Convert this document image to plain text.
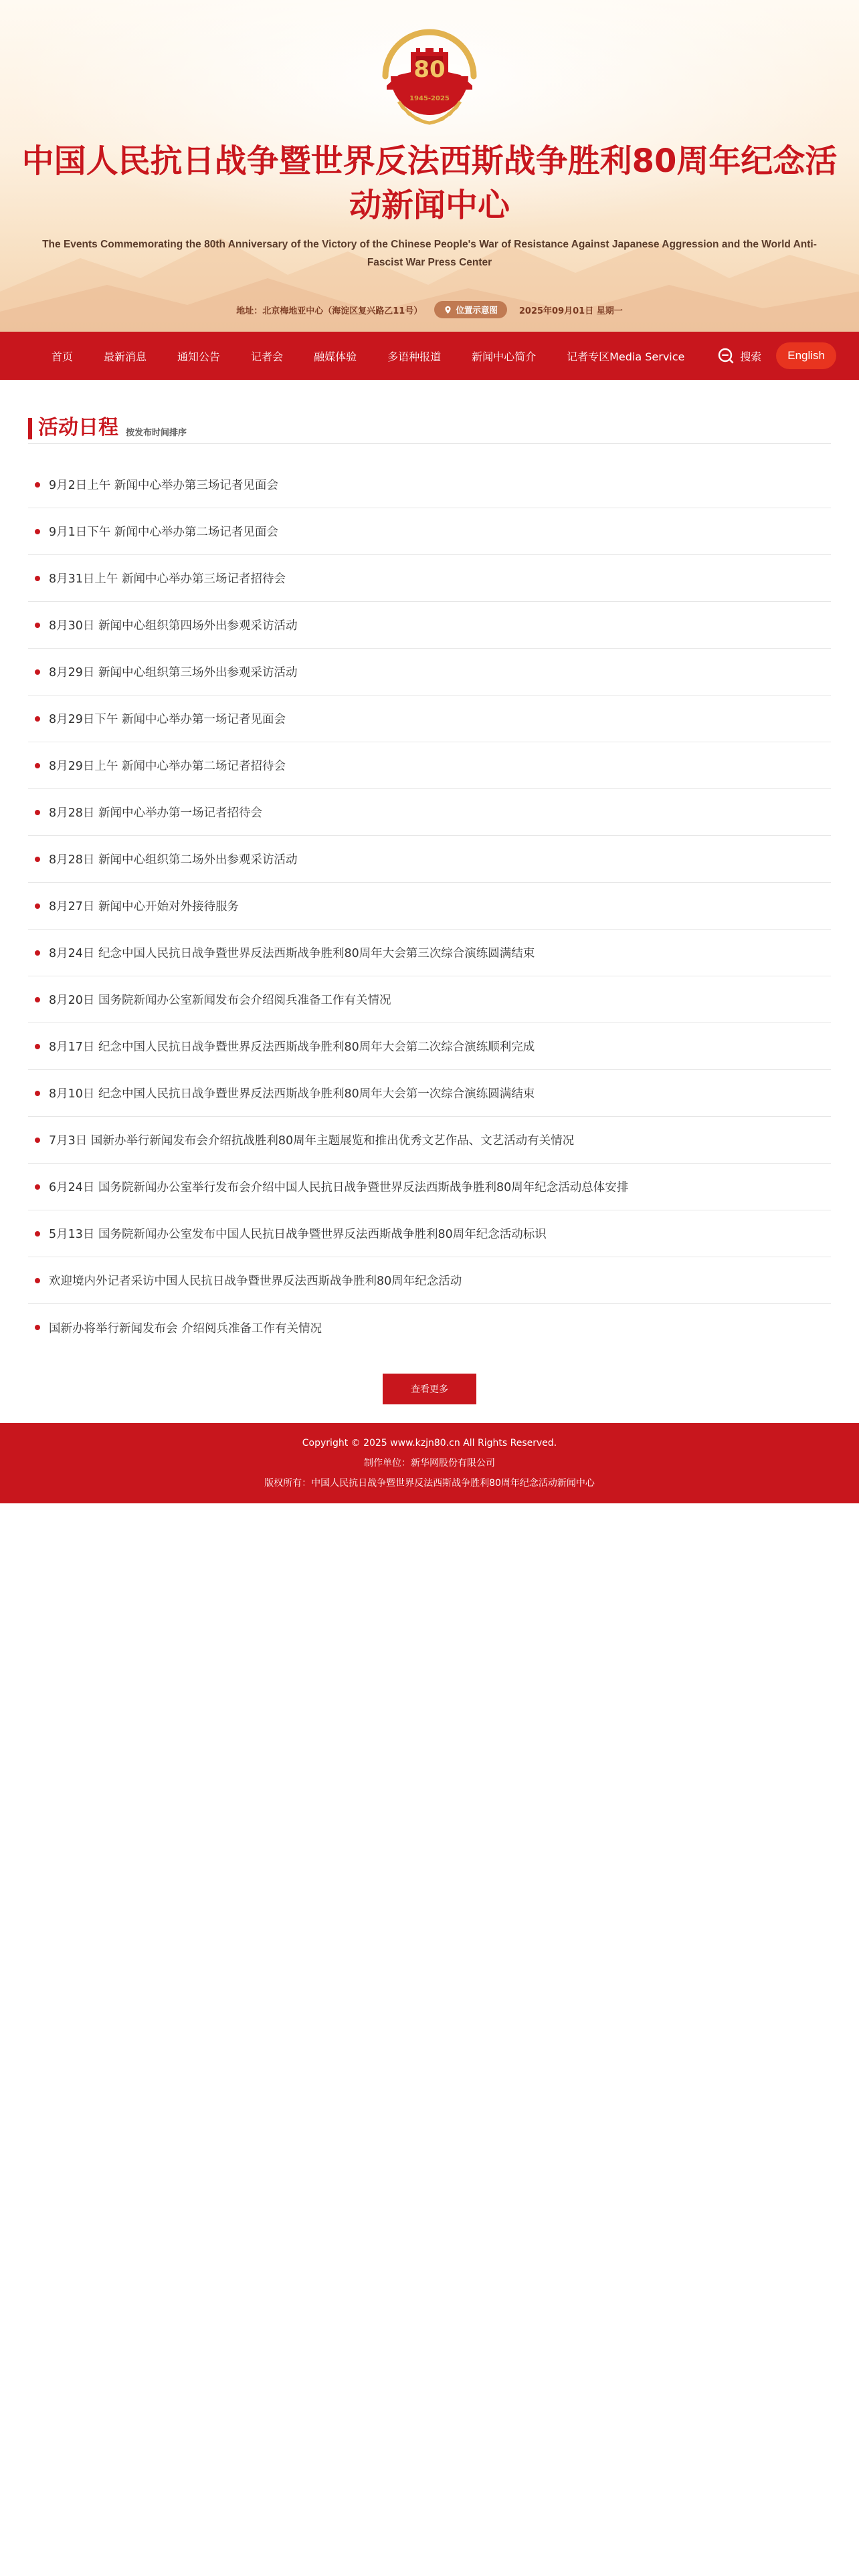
80
1945-2025
中国人民抗日战争暨世界反法西斯战争胜利80周年纪念活动新闻中心
The Events Commemorating the 80th Anniversary of the Victory of the Chinese People's War of Resistance Against Japanese Aggression and the World Anti-Fascist War Press Center
地址：北京梅地亚中心（海淀区复兴路乙11号）	位置示意图 2025年09月01日 星期一
首页	最新消息	通知公告	记者会	融媒体验	多语种报道	新闻中心简介	记者专区Media Service	搜索	English
活动日程 按发布时间排序
9月2日上午 新闻中心举办第三场记者见面会
9月1日下午 新闻中心举办第二场记者见面会
8月31日上午 新闻中心举办第三场记者招待会
8月30日 新闻中心组织第四场外出参观采访活动
8月29日 新闻中心组织第三场外出参观采访活动
8月29日下午 新闻中心举办第一场记者见面会
8月29日上午 新闻中心举办第二场记者招待会
8月28日 新闻中心举办第一场记者招待会
8月28日 新闻中心组织第二场外出参观采访活动
8月27日 新闻中心开始对外接待服务
8月24日 纪念中国人民抗日战争暨世界反法西斯战争胜利80周年大会第三次综合演练圆满结束
8月20日 国务院新闻办公室新闻发布会介绍阅兵准备工作有关情况
8月17日 纪念中国人民抗日战争暨世界反法西斯战争胜利80周年大会第二次综合演练顺利完成
8月10日 纪念中国人民抗日战争暨世界反法西斯战争胜利80周年大会第一次综合演练圆满结束
7月3日 国新办举行新闻发布会介绍抗战胜利80周年主题展览和推出优秀文艺作品、文艺活动有关情况
6月24日 国务院新闻办公室举行发布会介绍中国人民抗日战争暨世界反法西斯战争胜利80周年纪念活动总体安排
5月13日 国务院新闻办公室发布中国人民抗日战争暨世界反法西斯战争胜利80周年纪念活动标识
欢迎境内外记者采访中国人民抗日战争暨世界反法西斯战争胜利80周年纪念活动
国新办将举行新闻发布会 介绍阅兵准备工作有关情况
查看更多
Copyright © 2025 www.kzjn80.cn All Rights Reserved.
制作单位：新华网股份有限公司
版权所有：中国人民抗日战争暨世界反法西斯战争胜利80周年纪念活动新闻中心
